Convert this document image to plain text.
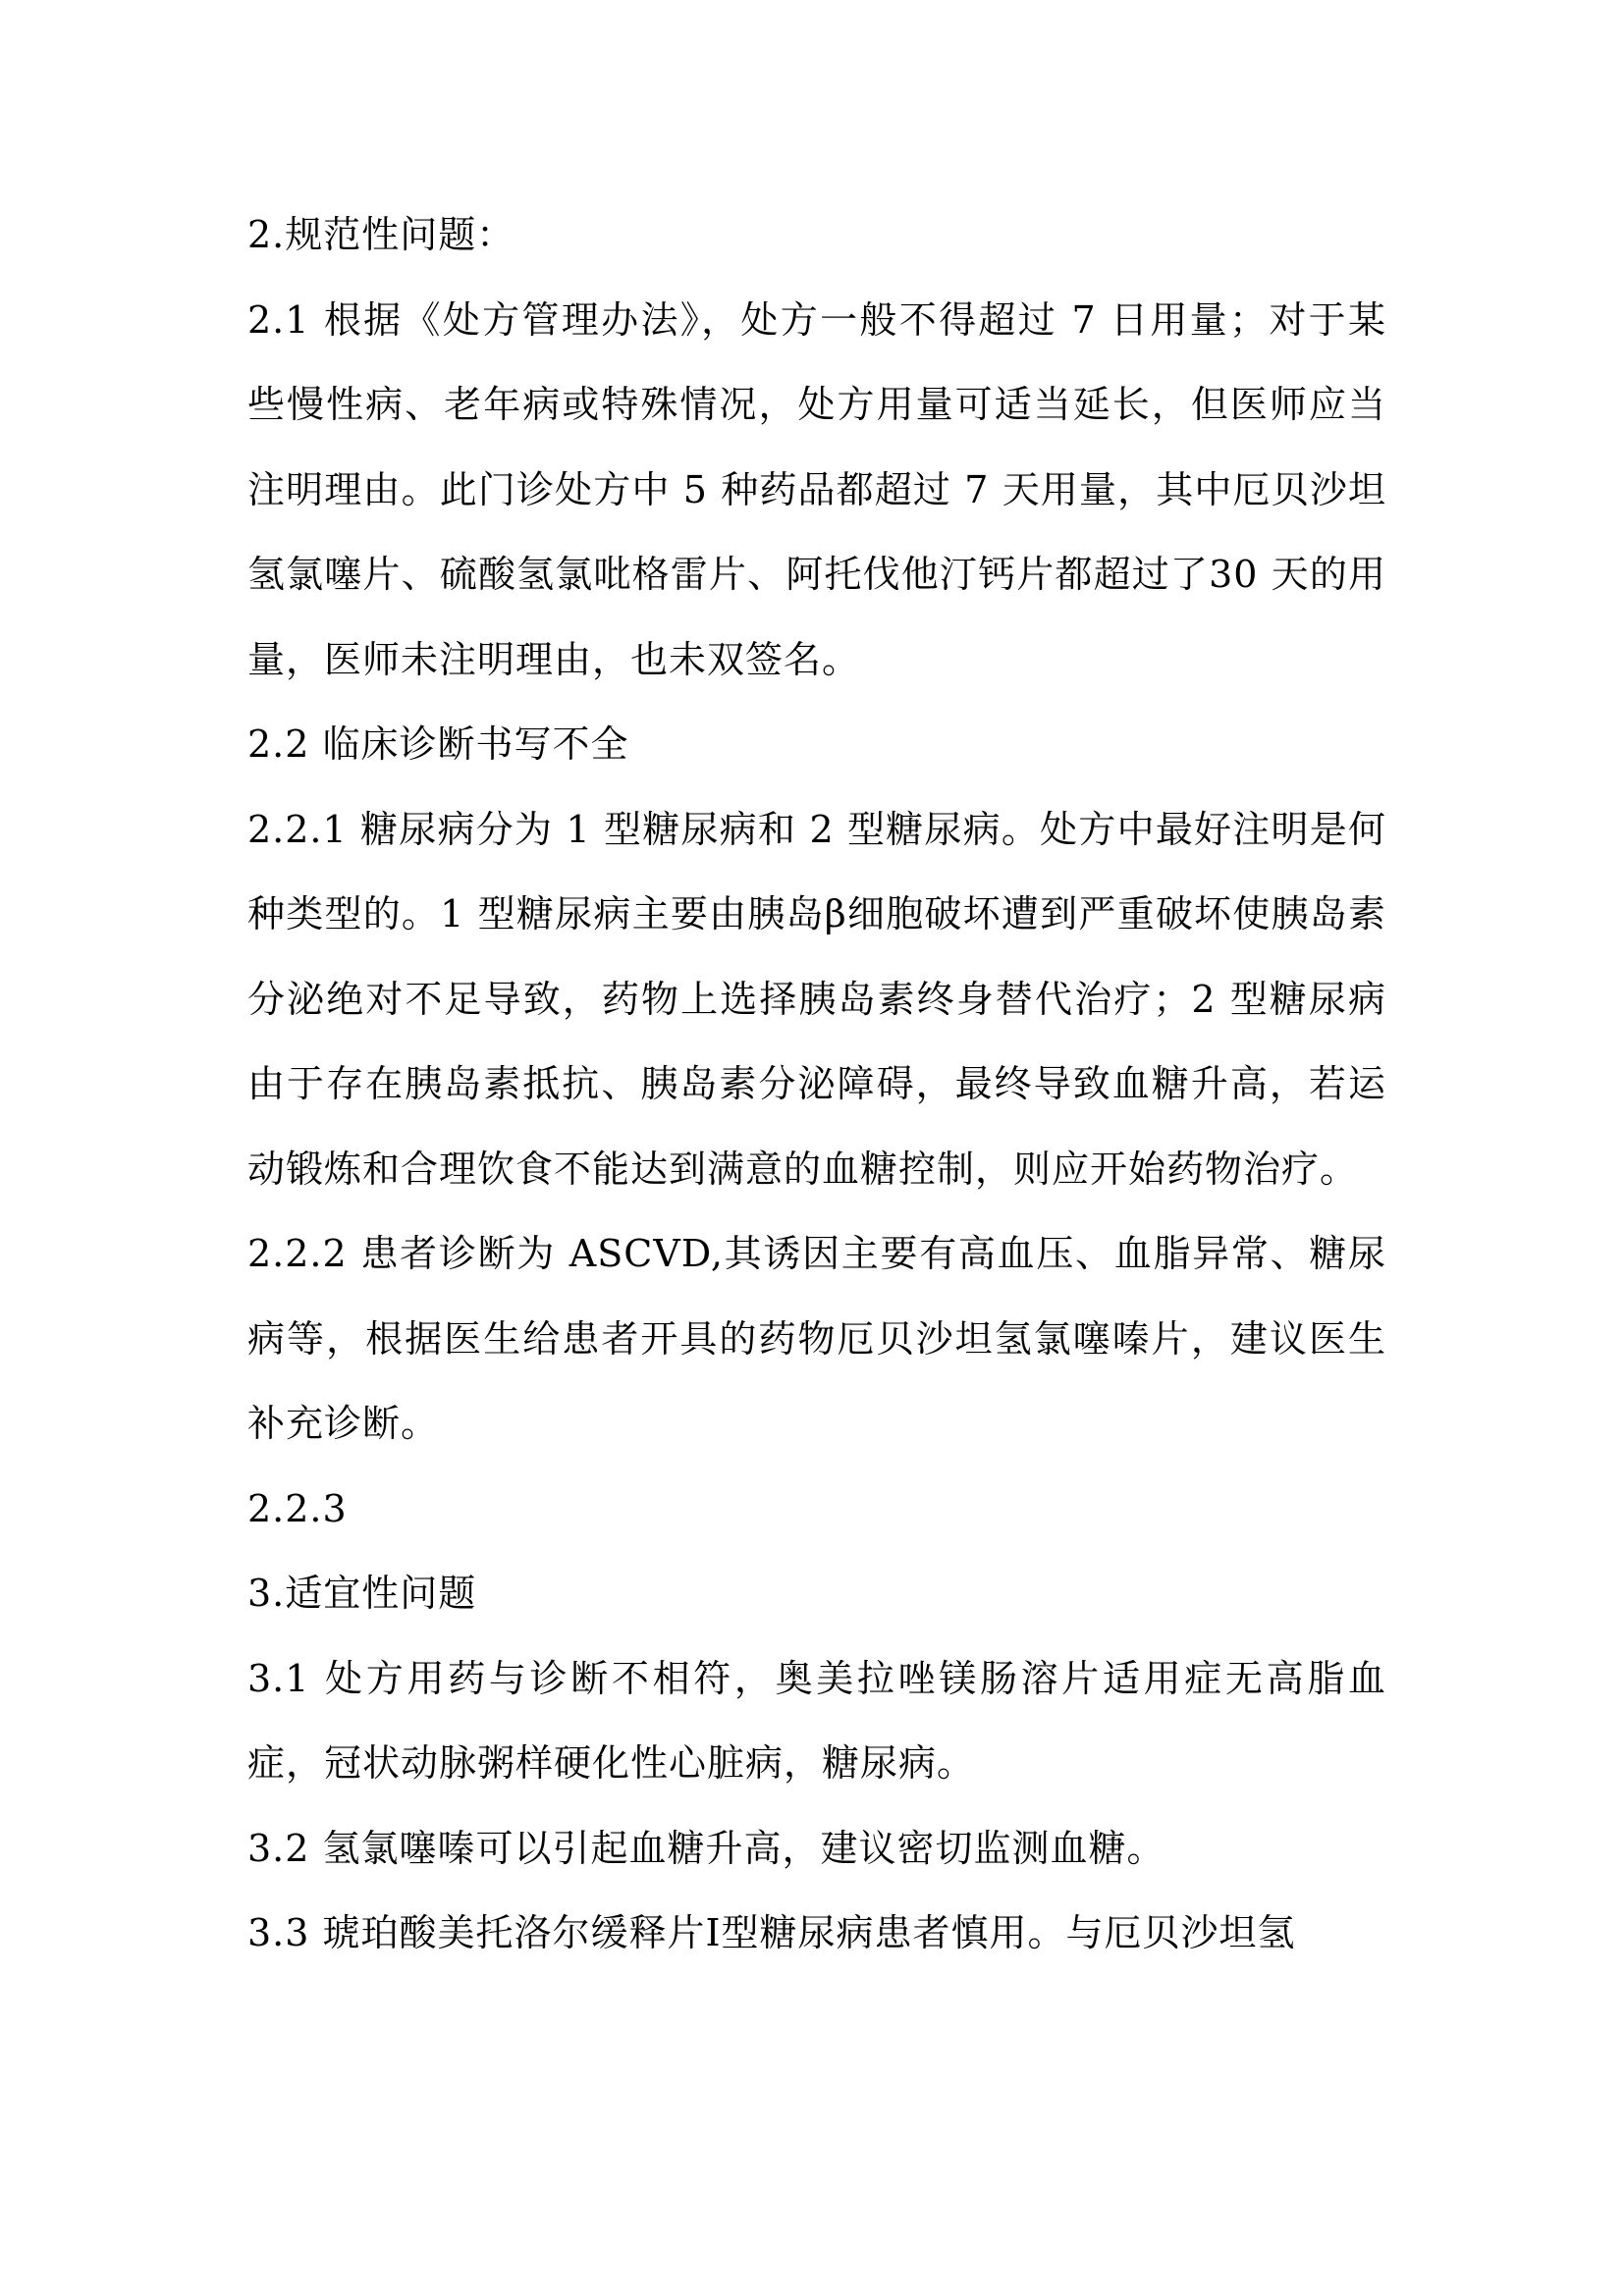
2.规范性问题：

2.1 根据《处方管理办法》，处方一般不得超过 7 日用量；对于某些慢性病、老年病或特殊情况，处方用量可适当延长，但医师应当注明理由。此门诊处方中 5 种药品都超过 7 天用量，其中厄贝沙坦氢氯噻片、硫酸氢氯吡格雷片、阿托伐他汀钙片都超过了30 天的用量，医师未注明理由，也未双签名。

2.2 临床诊断书写不全

2.2.1 糖尿病分为 1 型糖尿病和 2 型糖尿病。处方中最好注明是何种类型的。1 型糖尿病主要由胰岛β细胞破坏遭到严重破坏使胰岛素分泌绝对不足导致，药物上选择胰岛素终身替代治疗；2 型糖尿病由于存在胰岛素抵抗、胰岛素分泌障碍，最终导致血糖升高，若运动锻炼和合理饮食不能达到满意的血糖控制，则应开始药物治疗。

2.2.2 患者诊断为 ASCVD,其诱因主要有高血压、血脂异常、糖尿病等，根据医生给患者开具的药物厄贝沙坦氢氯噻嗪片，建议医生补充诊断。

2.2.3

3.适宜性问题

3.1 处方用药与诊断不相符，奥美拉唑镁肠溶片适用症无高脂血症，冠状动脉粥样硬化性心脏病，糖尿病。

3.2 氢氯噻嗪可以引起血糖升高，建议密切监测血糖。

3.3 琥珀酸美托洛尔缓释片Ⅰ型糖尿病患者慎用。与厄贝沙坦氢
